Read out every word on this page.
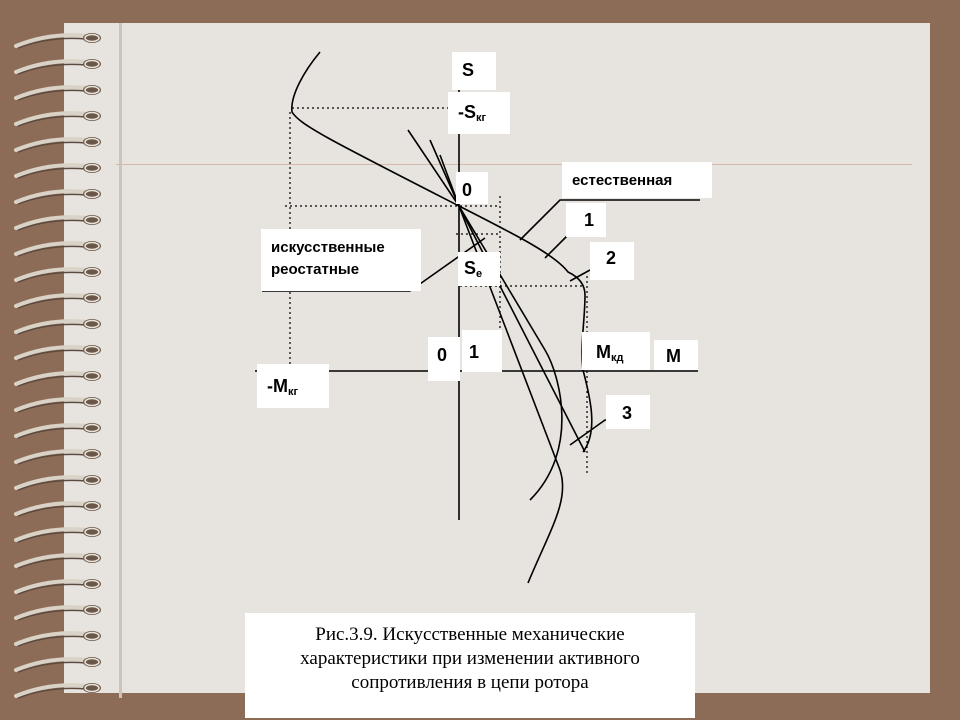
S
$-S_{кг}$
0	естественная
1
2
искусственные
реостатные	$S_е$
0	1	$М_{кд}$	М
$-М_{кг}$
3
Рис.3.9. Искусственные механические
характеристики при изменении активного
сопротивления в цепи ротора
